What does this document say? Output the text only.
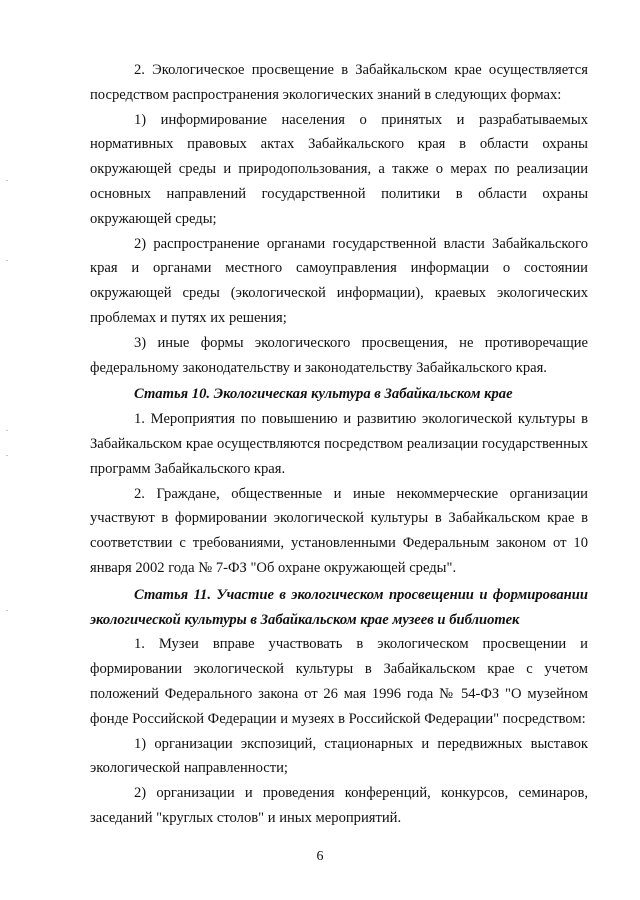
2. Экологическое просвещение в Забайкальском крае осуществляется посредством распространения экологических знаний в следующих формах:

1) информирование населения о принятых и разрабатываемых нормативных правовых актах Забайкальского края в области охраны окружающей среды и природопользования, а также о мерах по реализации основных направлений государственной политики в области охраны окружающей среды;

2) распространение органами государственной власти Забайкальского края и органами местного самоуправления информации о состоянии окружающей среды (экологической информации), краевых экологических проблемах и путях их решения;

3) иные формы экологического просвещения, не противоречащие федеральному законодательству и законодательству Забайкальского края.

Статья 10. Экологическая культура в Забайкальском крае

1. Мероприятия по повышению и развитию экологической культуры в Забайкальском крае осуществляются посредством реализации государственных программ Забайкальского края.

2. Граждане, общественные и иные некоммерческие организации участвуют в формировании экологической культуры в Забайкальском крае в соответствии с требованиями, установленными Федеральным законом от 10 января 2002 года № 7-ФЗ "Об охране окружающей среды".

Статья 11. Участие в экологическом просвещении и формировании экологической культуры в Забайкальском крае музеев и библиотек

1. Музеи вправе участвовать в экологическом просвещении и формировании экологической культуры в Забайкальском крае с учетом положений Федерального закона от 26 мая 1996 года № 54-ФЗ "О музейном фонде Российской Федерации и музеях в Российской Федерации" посредством:

1) организации экспозиций, стационарных и передвижных выставок экологической направленности;

2) организации и проведения конференций, конкурсов, семинаров, заседаний "круглых столов" и иных мероприятий.

6
